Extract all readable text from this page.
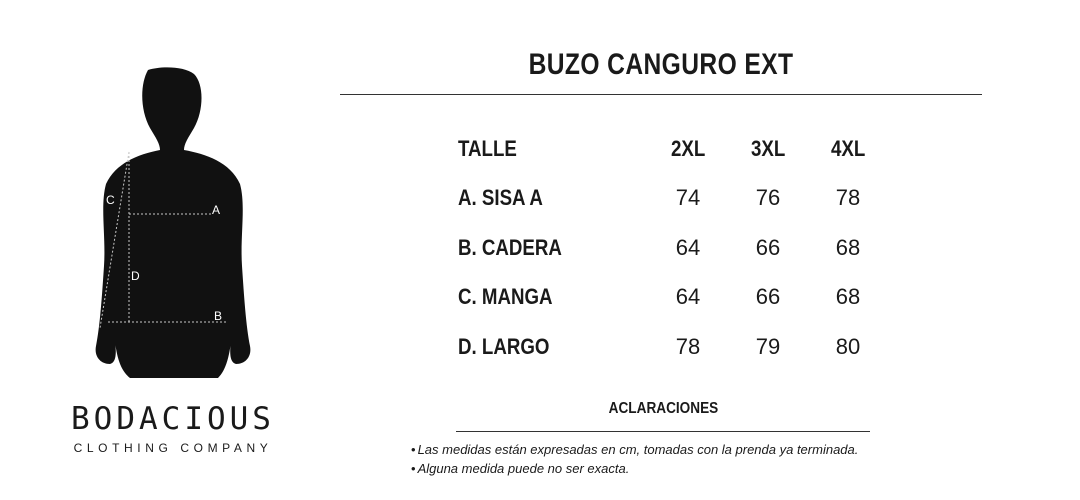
A
B
C
D
BODACIOUS
CLOTHING COMPANY
BUZO CANGURO EXT
TALLE	2XL	3XL	4XL
A. SISA A	74	76	78
B. CADERA	64	66	68
C. MANGA	64	66	68
D. LARGO	78	79	80
ACLARACIONES
• Las medidas están expresadas en cm, tomadas con la prenda ya terminada.
• Alguna medida puede no ser exacta.
